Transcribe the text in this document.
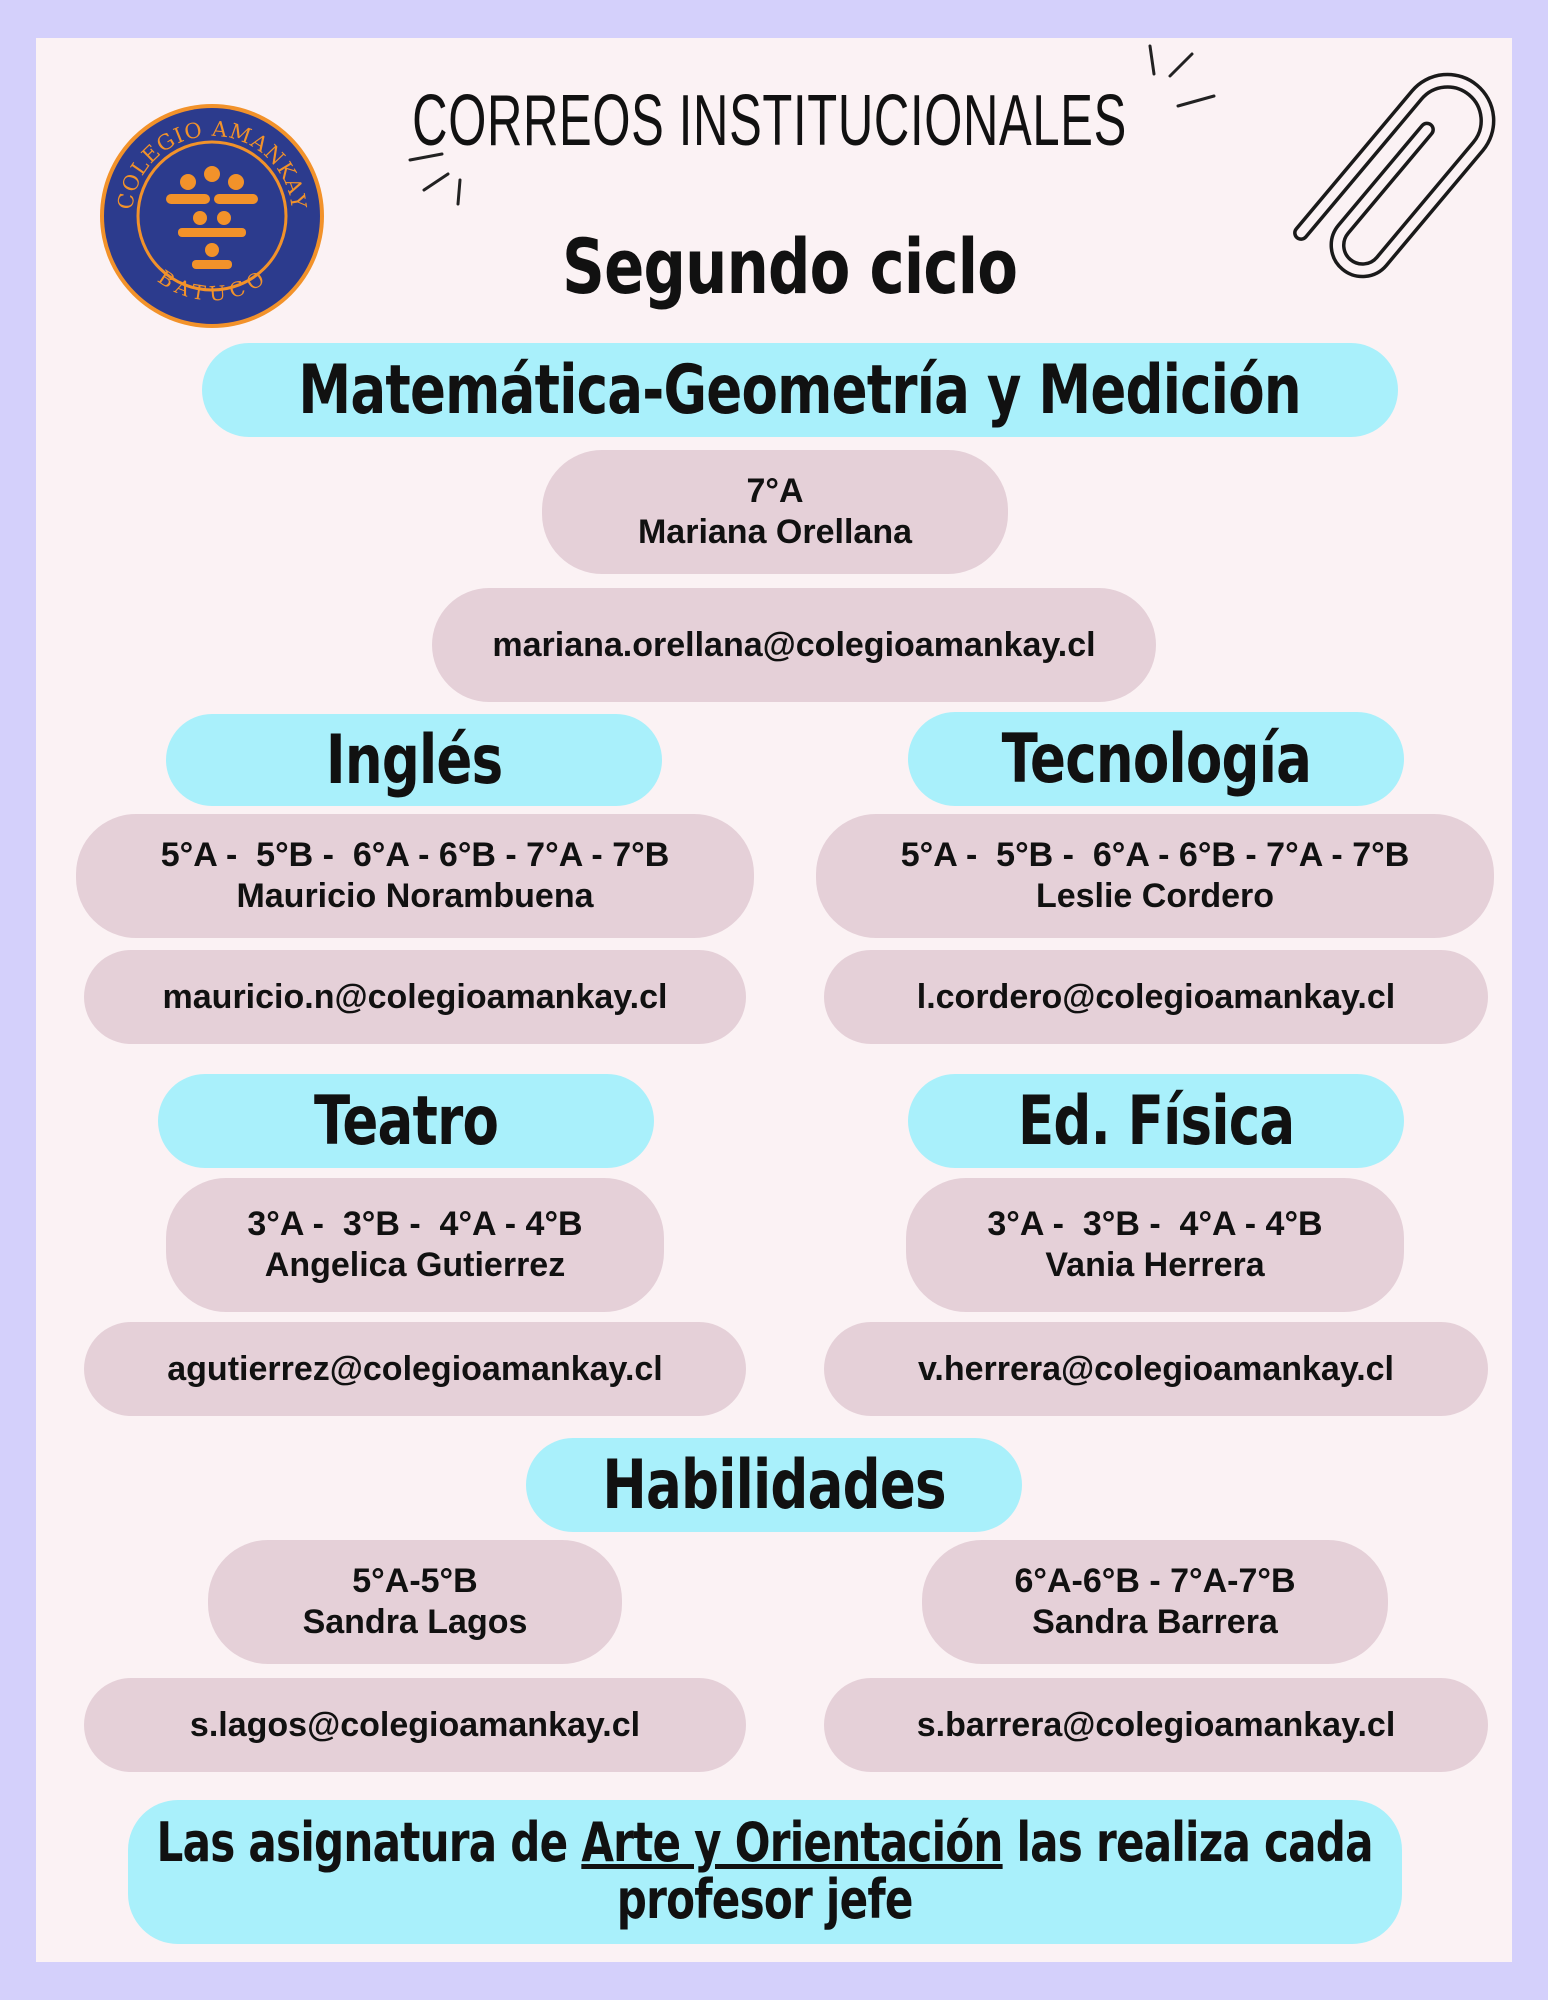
COLEGIO AMANKAY
BATUCO
CORREOS INSTITUCIONALES
Segundo ciclo
Matemática-Geometría y Medición
7°A
Mariana Orellana
mariana.orellana@colegioamankay.cl
Inglés
5°A -  5°B -  6°A - 6°B - 7°A - 7°B
Mauricio Norambuena
mauricio.n@colegioamankay.cl
Tecnología
5°A -  5°B -  6°A - 6°B - 7°A - 7°B
Leslie Cordero
l.cordero@colegioamankay.cl
Teatro
3°A -  3°B -  4°A - 4°B
Angelica Gutierrez
agutierrez@colegioamankay.cl
Ed. Física
3°A -  3°B -  4°A - 4°B
Vania Herrera
v.herrera@colegioamankay.cl
Habilidades
5°A-5°B
Sandra Lagos
6°A-6°B - 7°A-7°B
Sandra Barrera
s.lagos@colegioamankay.cl	s.barrera@colegioamankay.cl
Las asignatura de Arte y Orientación las realiza cada
profesor jefe
